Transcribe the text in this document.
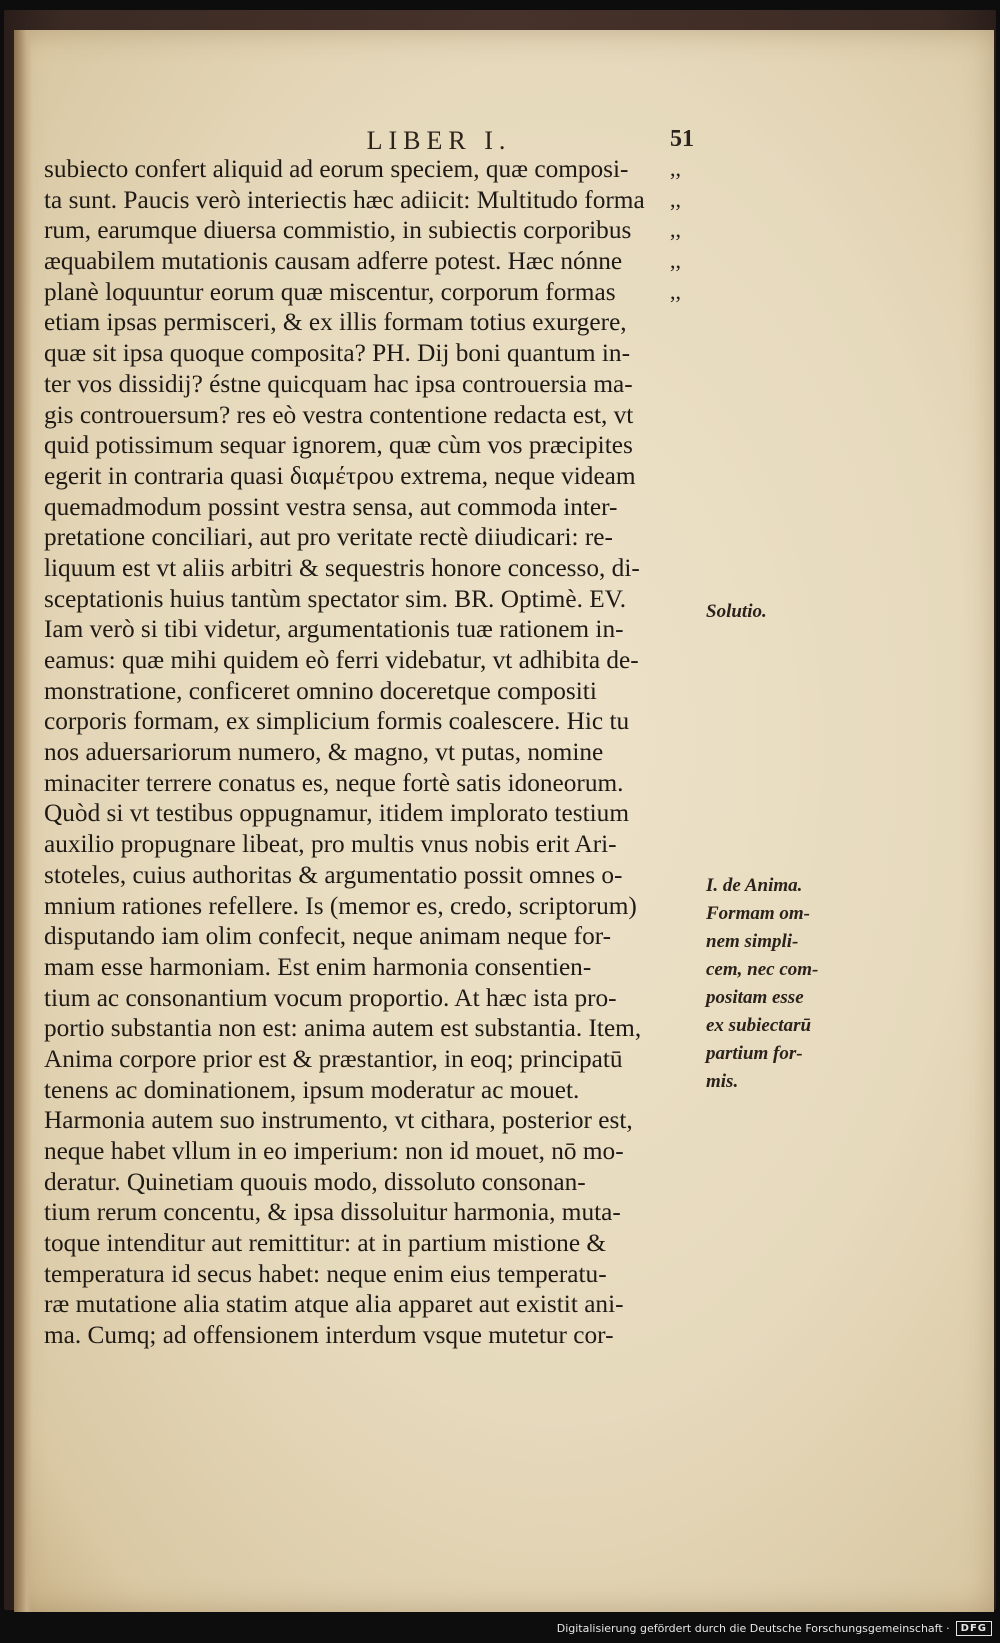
LIBER I.	51
subiecto confert aliquid ad eorum speciem, quæ composi-
ta sunt. Paucis verò interiectis hæc adiicit: Multitudo forma
rum, earumque diuersa commistio, in subiectis corporibus
æquabilem mutationis causam adferre potest. Hæc nónne
planè loquuntur eorum quæ miscentur, corporum formas
etiam ipsas permisceri, & ex illis formam totius exurgere,
quæ sit ipsa quoque composita? PH. Dij boni quantum in-
ter vos dissidij? éstne quicquam hac ipsa controuersia ma-
gis controuersum? res eò vestra contentione redacta est, vt
quid potissimum sequar ignorem, quæ cùm vos præcipites
egerit in contraria quasi διαμέτρου extrema, neque videam
quemadmodum possint vestra sensa, aut commoda inter-
pretatione conciliari, aut pro veritate rectè diiudicari: re-
liquum est vt aliis arbitri & sequestris honore concesso, di-
sceptationis huius tantùm spectator sim. BR. Optimè. EV.
Iam verò si tibi videtur, argumentationis tuæ rationem in-
eamus: quæ mihi quidem eò ferri videbatur, vt adhibita de-
monstratione, conficeret omnino doceretque compositi
corporis formam, ex simplicium formis coalescere. Hic tu
nos aduersariorum numero, & magno, vt putas, nomine
minaciter terrere conatus es, neque fortè satis idoneorum.
Quòd si vt testibus oppugnamur, itidem implorato testium
auxilio propugnare libeat, pro multis vnus nobis erit Ari-
stoteles, cuius authoritas & argumentatio possit omnes o-
mnium rationes refellere. Is (memor es, credo, scriptorum)
disputando iam olim confecit, neque animam neque for-
mam esse harmoniam. Est enim harmonia consentien-
tium ac consonantium vocum proportio. At hæc ista pro-
portio substantia non est: anima autem est substantia. Item,
Anima corpore prior est & præstantior, in eoq; principatū
tenens ac dominationem, ipsum moderatur ac mouet.
Harmonia autem suo instrumento, vt cithara, posterior est,
neque habet vllum in eo imperium: non id mouet, nō mo-
deratur. Quinetiam quouis modo, dissoluto consonan-
tium rerum concentu, & ipsa dissoluitur harmonia, muta-
toque intenditur aut remittitur: at in partium mistione &
temperatura id secus habet: neque enim eius temperatu-
ræ mutatione alia statim atque alia apparet aut existit ani-
ma. Cumq; ad offensionem interdum vsque mutetur cor-
,,
,,
,,
,,
,,
Solutio.
I. de Anima.
Formam om-
nem simpli-
cem, nec com-
positam esse
ex subiectarū
partium for-
mis.
Digitalisierung gefördert durch die Deutsche Forschungsgemeinschaft ·	DFG
